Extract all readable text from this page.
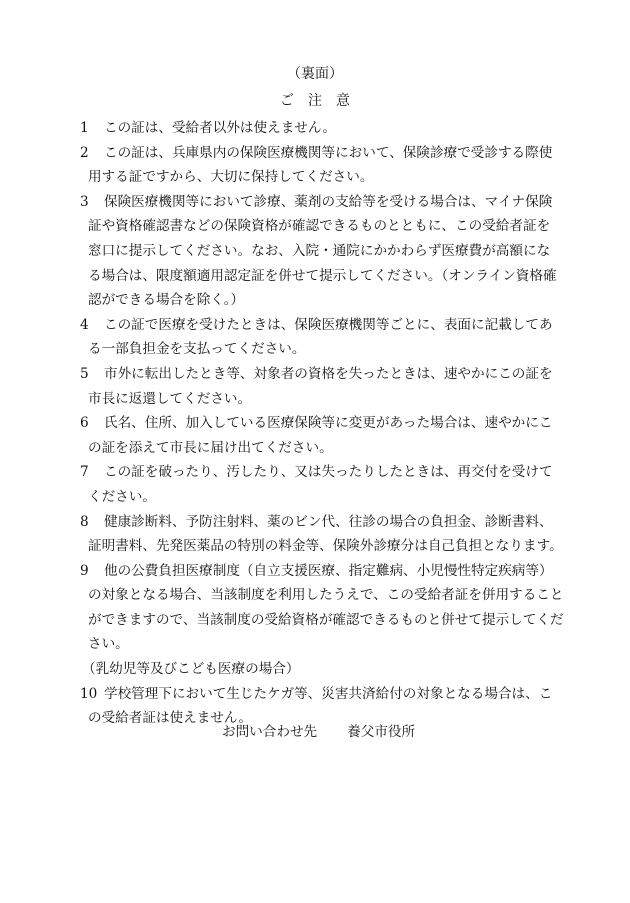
（裏面）
ご　注　意
1 この証は、受給者以外は使えません。
2 この証は、兵庫県内の保険医療機関等において、保険診療で受診する際使
用する証ですから、大切に保持してください。
3 保険医療機関等において診療、薬剤の支給等を受ける場合は、マイナ保険
証や資格確認書などの保険資格が確認できるものとともに、この受給者証を
窓口に提示してください。なお、入院・通院にかかわらず医療費が高額にな
る場合は、限度額適用認定証を併せて提示してください。（オンライン資格確
認ができる場合を除く。）
4 この証で医療を受けたときは、保険医療機関等ごとに、表面に記載してあ
る一部負担金を支払ってください。
5 市外に転出したとき等、対象者の資格を失ったときは、速やかにこの証を
市長に返還してください。
6 氏名、住所、加入している医療保険等に変更があった場合は、速やかにこ
の証を添えて市長に届け出てください。
7 この証を破ったり、汚したり、又は失ったりしたときは、再交付を受けて
ください。
8 健康診断料、予防注射料、薬のビン代、往診の場合の負担金、診断書料、
証明書料、先発医薬品の特別の料金等、保険外診療分は自己負担となります。
9 他の公費負担医療制度（自立支援医療、指定難病、小児慢性特定疾病等）
の対象となる場合、当該制度を利用したうえで、この受給者証を併用すること
ができますので、当該制度の受給資格が確認できるものと併せて提示してくだ
さい。
（乳幼児等及びこども医療の場合）
10 学校管理下において生じたケガ等、災害共済給付の対象となる場合は、こ
の受給者証は使えません。
お問い合わせ先 養父市役所
